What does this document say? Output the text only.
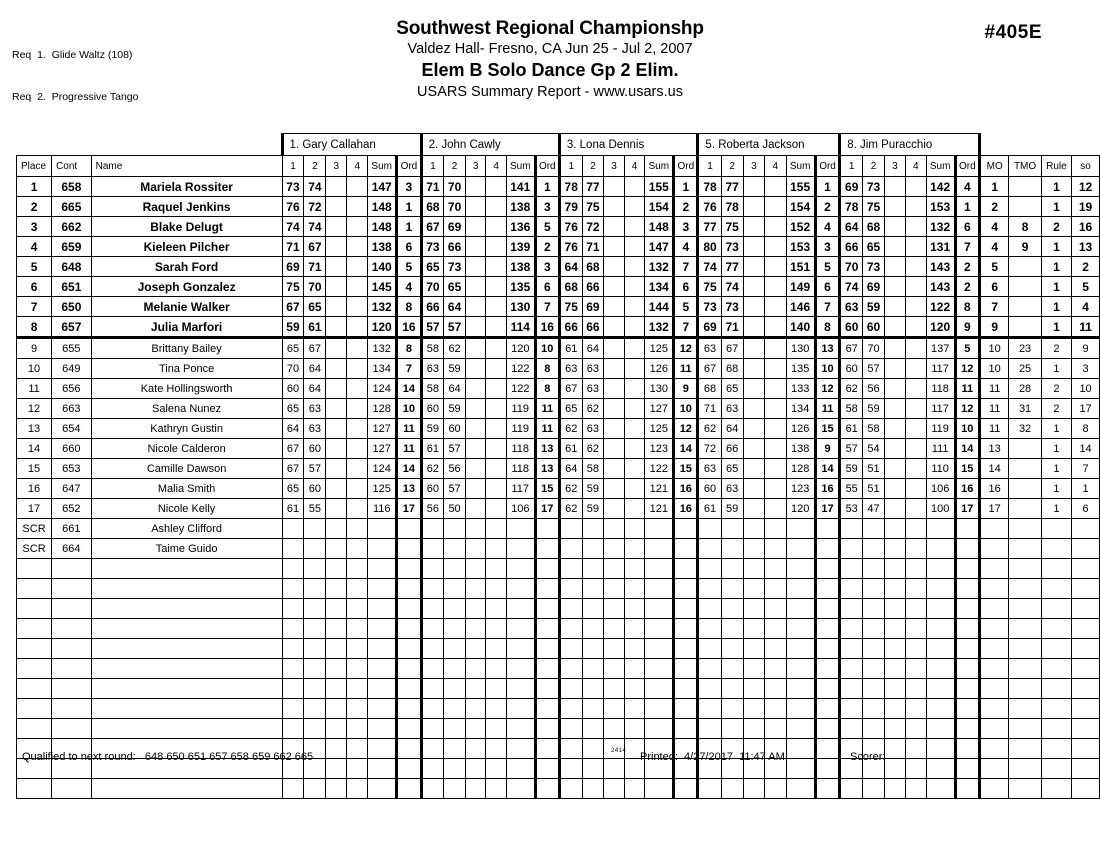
Req  1.  Glide Waltz (108)

Req  2.  Progressive Tango

Southwest Regional Championshp
Valdez Hall- Fresno, CA Jun 25 - Jul 2, 2007
Elem B Solo Dance Gp 2 Elim.
USARS Summary Report - www.usars.us
#405E
			1. Gary Callahan						2. John Cawly						3. Lona Dennis						5. Roberta Jackson						8. Jim Puracchio									
Place	Cont	Name	1	2	3	4	Sum	Ord	1	2	3	4	Sum	Ord	1	2	3	4	Sum	Ord	1	2	3	4	Sum	Ord	1	2	3	4	Sum	Ord	MO	TMO	Rule	so
1	658	Mariela Rossiter	73	74			147	3	71	70			141	1	78	77			155	1	78	77			155	1	69	73			142	4	1		1	12
2	665	Raquel Jenkins	76	72			148	1	68	70			138	3	79	75			154	2	76	78			154	2	78	75			153	1	2		1	19
3	662	Blake Delugt	74	74			148	1	67	69			136	5	76	72			148	3	77	75			152	4	64	68			132	6	4	8	2	16
4	659	Kieleen Pilcher	71	67			138	6	73	66			139	2	76	71			147	4	80	73			153	3	66	65			131	7	4	9	1	13
5	648	Sarah Ford	69	71			140	5	65	73			138	3	64	68			132	7	74	77			151	5	70	73			143	2	5		1	2
6	651	Joseph Gonzalez	75	70			145	4	70	65			135	6	68	66			134	6	75	74			149	6	74	69			143	2	6		1	5
7	650	Melanie Walker	67	65			132	8	66	64			130	7	75	69			144	5	73	73			146	7	63	59			122	8	7		1	4
8	657	Julia Marfori	59	61			120	16	57	57			114	16	66	66			132	7	69	71			140	8	60	60			120	9	9		1	11
9	655	Brittany Bailey	65	67			132	8	58	62			120	10	61	64			125	12	63	67			130	13	67	70			137	5	10	23	2	9
10	649	Tina Ponce	70	64			134	7	63	59			122	8	63	63			126	11	67	68			135	10	60	57			117	12	10	25	1	3
11	656	Kate Hollingsworth	60	64			124	14	58	64			122	8	67	63			130	9	68	65			133	12	62	56			118	11	11	28	2	10
12	663	Salena Nunez	65	63			128	10	60	59			119	11	65	62			127	10	71	63			134	11	58	59			117	12	11	31	2	17
13	654	Kathryn Gustin	64	63			127	11	59	60			119	11	62	63			125	12	62	64			126	15	61	58			119	10	11	32	1	8
14	660	Nicole Calderon	67	60			127	11	61	57			118	13	61	62			123	14	72	66			138	9	57	54			111	14	13		1	14
15	653	Camille Dawson	67	57			124	14	62	56			118	13	64	58			122	15	63	65			128	14	59	51			110	15	14		1	7
16	647	Malia Smith	65	60			125	13	60	57			117	15	62	59			121	16	60	63			123	16	55	51			106	16	16		1	1
17	652	Nicole Kelly	61	55			116	17	56	50			106	17	62	59			121	16	61	59			120	17	53	47			100	17	17		1	6
SCR	661	Ashley Clifford																																		
SCR	664	Taime Guido																																		

Qualified to next round:   648 650 651 657 658 659 662 665	2414 Printed:  4/27/2017  11:47 AM	Scorer:
